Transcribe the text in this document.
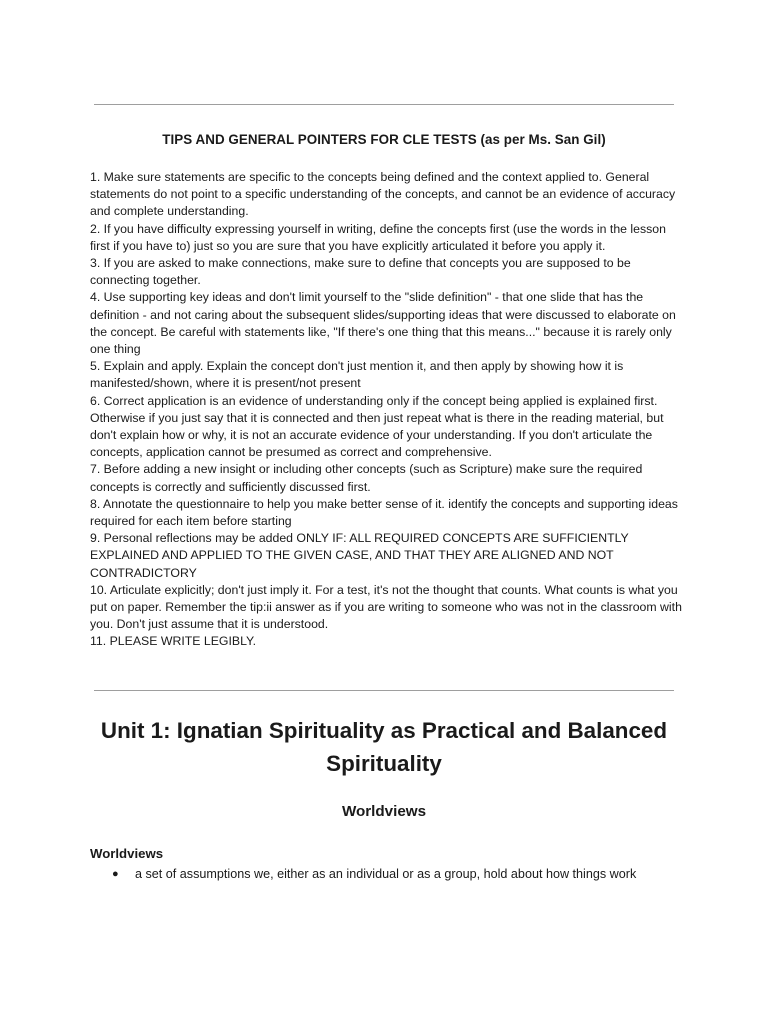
TIPS AND GENERAL POINTERS FOR CLE TESTS (as per Ms. San Gil)
1. Make sure statements are specific to the concepts being defined and the context applied to. General statements do not point to a specific understanding of the concepts, and cannot be an evidence of accuracy and complete understanding.
2. If you have difficulty expressing yourself in writing, define the concepts first (use the words in the lesson first if you have to) just so you are sure that you have explicitly articulated it before you apply it.
3. If you are asked to make connections, make sure to define that concepts you are supposed to be connecting together.
4. Use supporting key ideas and don't limit yourself to the "slide definition" - that one slide that has the definition - and not caring about the subsequent slides/supporting ideas that were discussed to elaborate on the concept. Be careful with statements like, "If there's one thing that this means..." because it is rarely only one thing
5. Explain and apply. Explain the concept don't just mention it, and then apply by showing how it is manifested/shown, where it is present/not present
6. Correct application is an evidence of understanding only if the concept being applied is explained first. Otherwise if you just say that it is connected and then just repeat what is there in the reading material, but don't explain how or why, it is not an accurate evidence of your understanding. If you don't articulate the concepts, application cannot be presumed as correct and comprehensive.
7. Before adding a new insight or including other concepts (such as Scripture) make sure the required concepts is correctly and sufficiently discussed first.
8. Annotate the questionnaire to help you make better sense of it. identify the concepts and supporting ideas required for each item before starting
9. Personal reflections may be added ONLY IF: ALL REQUIRED CONCEPTS ARE SUFFICIENTLY EXPLAINED AND APPLIED TO THE GIVEN CASE, AND THAT THEY ARE ALIGNED AND NOT CONTRADICTORY
10. Articulate explicitly; don't just imply it. For a test, it's not the thought that counts. What counts is what you put on paper. Remember the tip:ii answer as if you are writing to someone who was not in the classroom with you. Don't just assume that it is understood.
11. PLEASE WRITE LEGIBLY.
Unit 1: Ignatian Spirituality as Practical and Balanced Spirituality
Worldviews
Worldviews
● a set of assumptions we, either as an individual or as a group, hold about how things work
